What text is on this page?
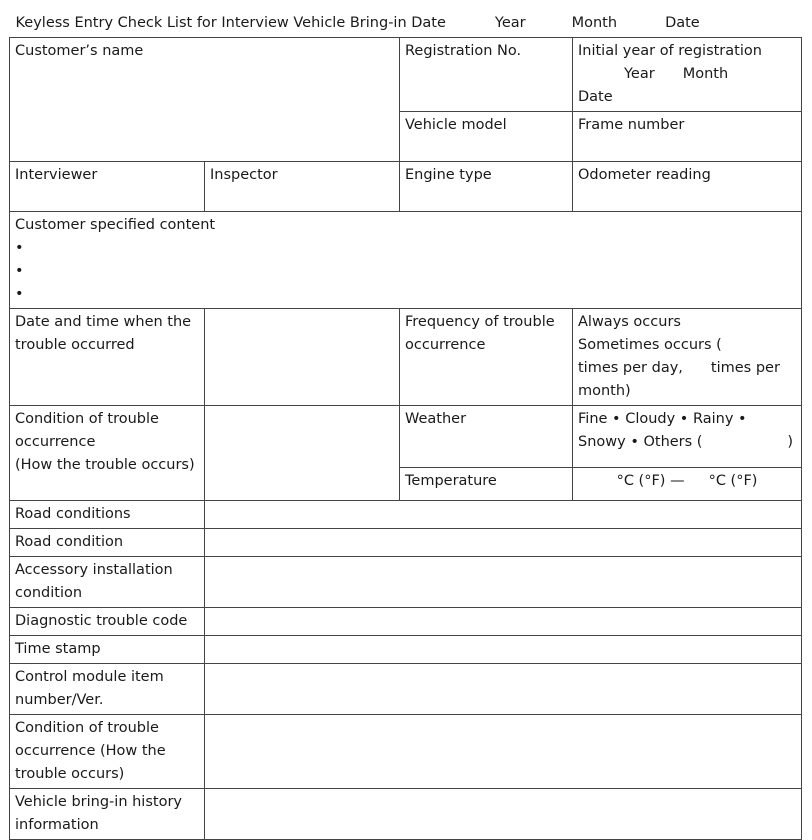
Keyless Entry Check List for Interview Vehicle Bring-in Date Year Month Date			

Customer’s name		Registration No.	Initial year of registration
Year Month
Date

		Vehicle model	Frame number
Interviewer	Inspector	Engine type	Odometer reading

Customer specified content
•
•
•			

Date and time when the trouble occurred		Frequency of trouble occurrence	Always occurs
Sometimes occurs (
times per day, times per
month)

Condition of trouble occurrence
(How the trouble occurs)		Weather	Fine • Cloudy • Rainy • Snowy • Others ( )

		Temperature	°C (°F) — °C (°F)
Road conditions			
Road condition			
Accessory installation condition			
Diagnostic trouble code			
Time stamp			
Control module item number/Ver.			
Condition of trouble occurrence (How the trouble occurs)			
Vehicle bring-in history information			
